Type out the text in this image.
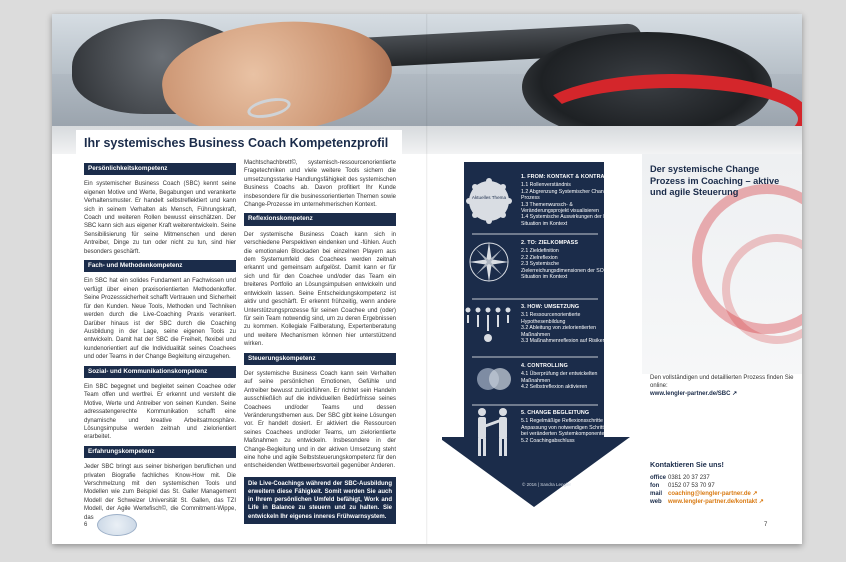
Ihr systemisches Business Coach Kompetenzprofil
Persönlichkeitskompetenz

Ein systemischer Business Coach (SBC) kennt seine eigenen Motive und Werte, Begabungen und verankerte Verhaltensmuster. Er handelt selbstreflektiert und kann sich in seinem Verhalten als Mensch, Führungskraft, Coach und weiteren Rollen bewusst einschätzen. Der SBC kann sich aus eigener Kraft weiterentwickeln. Seine Sensibilisierung für seine Mitmenschen und deren Antreiber, Dinge zu tun oder nicht zu tun, sind hier besonders geschärft.

Fach- und Methodenkompetenz

Ein SBC hat ein solides Fundament an Fachwissen und verfügt über einen praxisorientierten Methodenkoffer. Seine Prozesssicherheit schafft Vertrauen und Sicherheit für den Kunden. Neue Tools, Methoden und Techniken werden durch die Live-Coaching Praxis verankert. Darüber hinaus ist der SBC durch die Coaching Ausbildung in der Lage, seine eigenen Tools zu entwickeln. Damit hat der SBC die Freiheit, flexibel und kundenorientiert auf die Individualität seines Coachees und oder Teams in der Change Begleitung einzugehen.

Sozial- und Kommunikationskompetenz

Ein SBC begegnet und begleitet seinen Coachee oder Team offen und wertfrei. Er erkennt und versteht die Motive, Werte und Antreiber von seinen Kunden. Seine adressatengerechte Kommunikation schafft eine dynamische und kreative Arbeitsatmosphäre. Lösungsimpulse werden zeitnah und zielorientiert erarbeitet.

Erfahrungskompetenz

Jeder SBC bringt aus seiner bisherigen beruflichen und privaten Biografie fachliches Know-How mit. Die Verschmelzung mit den systemischen Tools und Modellen wie zum Beispiel das St. Galler Management Modell der Schweizer Universität St. Gallen, das TZI Modell, der Agile Wertefisch©, die Commitment-Wippe, das

Machtschachbrett©, systemisch-ressourcenorientierte Fragetechniken und viele weitere Tools sichern die umsetzungsstarke Handlungsfähigkeit des systemischen Business Coachs ab. Davon profitiert Ihr Kunde insbesondere für die businessorientierten Themen sowie Change-Prozesse im unternehmerischen Kontext.

Reflexionskompetenz

Der systemische Business Coach kann sich in verschiedene Perspektiven eindenken und -fühlen. Auch die emotionalen Blockaden bei einzelnen Playern aus dem Systemumfeld des Coachees werden zeitnah erkannt und gemeinsam aufgelöst. Damit kann er für sich und für den Coachee und/oder das Team ein breiteres Portfolio an Lösungsimpulsen entwickeln und entwickeln lassen. Seine Entscheidungskompetenz ist aktiv und geschärft. Er erkennt frühzeitig, wenn andere Unterstützungsprozesse für seinen Coachee und (oder) für sein Team notwendig sind, um zu deren Ergebnissen zu kommen. Kollegiale Fallberatung, Expertenberatung und weitere Mechanismen können hier unterstützend wirken.

Steuerungskompetenz

Der systemische Business Coach kann sein Verhalten auf seine persönlichen Emotionen, Gefühle und Antreiber bewusst zurückführen. Er richtet sein Handeln ausschließlich auf die individuellen Bedürfnisse seines Coachees und/oder Teams und dessen Veränderungsthemen aus. Der SBC gibt keine Lösungen vor. Er handelt dosiert. Er aktiviert die Ressourcen seines Coachees und/oder Teams, um zielorientierte Maßnahmen zu entwickeln. Insbesondere in der Change-Begleitung und in der aktiven Umsetzung steht eine hohe und agile Selbststeuerungskompetenz für den entscheidenden Wettbewerbsvorteil gegenüber Anderen.

Die Live-Coachings während der SBC-Ausbildung erweitern diese Fähigkeit. Somit werden Sie auch in Ihrem persönlichen Umfeld befähigt, Work and Life in Balance zu steuern und zu halten. Sie entwickeln Ihr eigenes inneres Frühwarnsystem.
6
Aktuelles Thema
1. FROM: KONTAKT & KONTRAKT
1.1 Rollenverständnis
1.2 Abgrenzung Systemischer Change Prozess
1.3 Themenwunsch- & Veränderungsprojekt visualisieren
1.4 Systemische Auswirkungen der IST Situation im Kontext
2. TO: ZIELKOMPASS
2.1 Zieldefinition
2.2 Zielreflexion
2.3 Systemische Zielerreichungsdimensionen der SOLL Situation im Kontext
3. HOW: UMSETZUNG
3.1 Ressourcenorientierte Hypothesenbildung
3.2 Ableitung von zielorientierten Maßnahmen
3.3 Maßnahmenreflexion auf Risiken
4. CONTROLLING
4.1 Überprüfung der entwickelten Maßnahmen
4.2 Selbstreflexion aktivieren
5. CHANGE BEGLEITUNG
5.1 Regelmäßige Reflexionsschritte zur Anpassung von notwendigen Schritten bei veränderten Systemkomponenten
5.2 Coachingabschluss
© 2016 | Sandra Lengler
Der systemische Change Prozess im Coaching – aktive und agile Steuerung
Den vollständigen und detaillierten Prozess finden Sie online:
www.lengler-partner.de/SBC ↗
Kontaktieren Sie uns!
office 0381 20 37 237
fon	0152 07 53 70 97
mail coaching@lengler-partner.de ↗
web	www.lengler-partner.de/kontakt ↗
7
